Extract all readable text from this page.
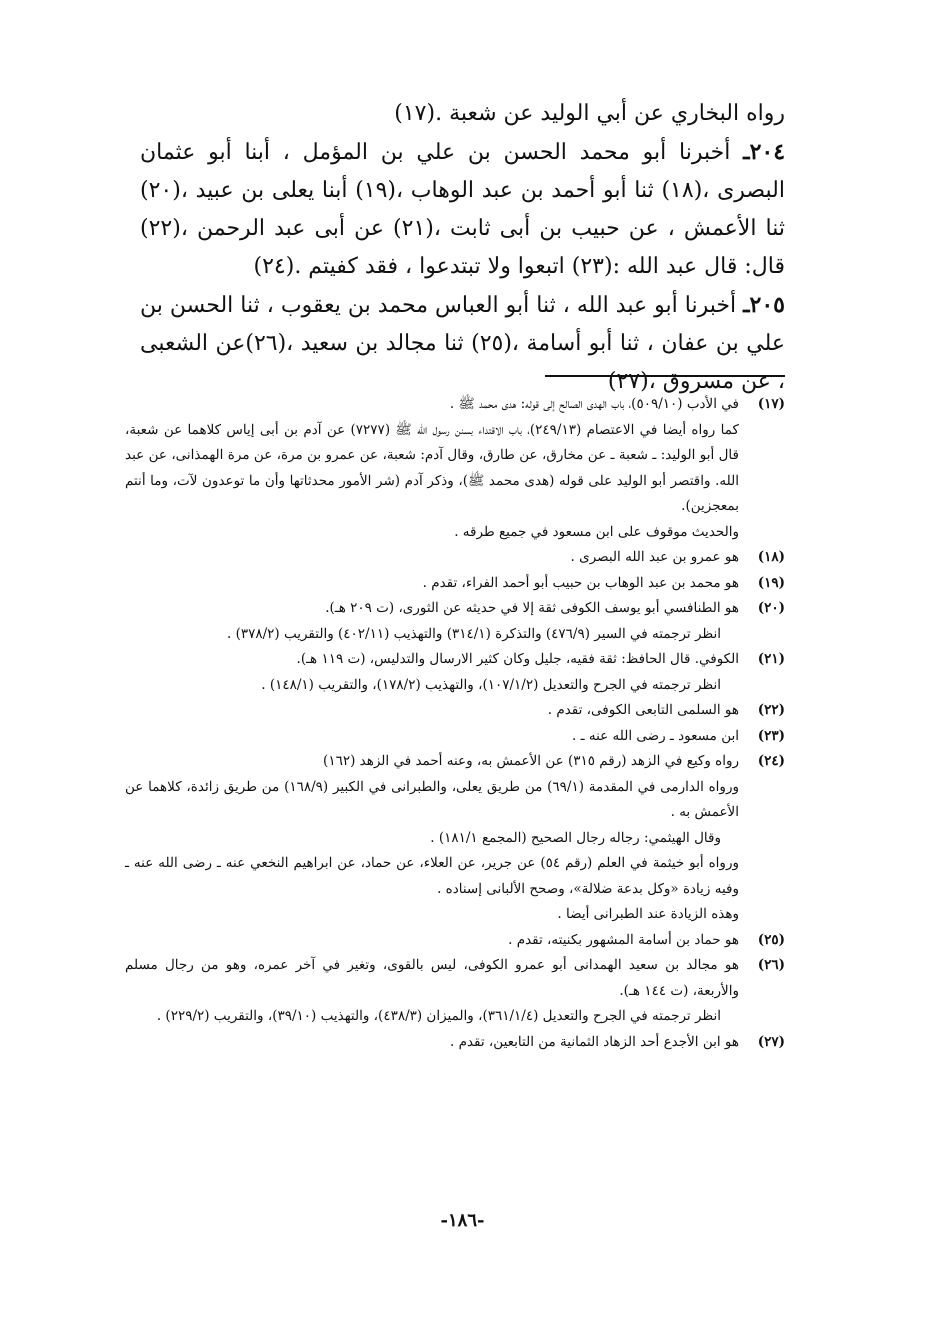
رواه البخاري عن أبي الوليد عن شعبة .(١٧)

٢٠٤ـ أخبرنا أبو محمد الحسن بن علي بن المؤمل ، أبنا أبو عثمان البصرى ،(١٨) ثنا أبو أحمد بن عبد الوهاب ،(١٩) أبنا يعلى بن عبيد ،(٢٠) ثنا الأعمش ، عن حبيب بن أبى ثابت ،(٢١) عن أبى عبد الرحمن ،(٢٢) قال: قال عبد الله :(٢٣) اتبعوا ولا تبتدعوا ، فقد كفيتم .(٢٤)

٢٠٥ـ أخبرنا أبو عبد الله ، ثنا أبو العباس محمد بن يعقوب ، ثنا الحسن بن علي بن عفان ، ثنا أبو أسامة ،(٢٥) ثنا مجالد بن سعيد ،(٢٦)عن الشعبى ، عن مسروق ،(٢٧)

(١٧)
في الأدب (٥٠٩/١٠)، باب الهدى الصالح إلى قوله: هدى محمد ﷺ .
كما رواه أيضا في الاعتصام (٢٤٩/١٣)، باب الاقتداء بسنن رسول الله ﷺ (٧٢٧٧) عن آدم بن أبى إياس كلاهما عن شعبة، قال أبو الوليد: ـ شعبة ـ عن مخارق، عن طارق، وقال آدم: شعبة، عن عمرو بن مرة، عن مرة الهمذانى، عن عبد الله. واقتصر أبو الوليد على قوله (هدى محمد ﷺ)، وذكر آدم (شر الأمور محدثاتها وأن ما توعدون لآت، وما أنتم بمعجزين).
والحديث موقوف على ابن مسعود في جميع طرقه .
(١٨)
هو عمرو بن عبد الله البصرى .
(١٩)
هو محمد بن عبد الوهاب بن حبيب أبو أحمد الفراء، تقدم .
(٢٠)
هو الطنافسي أبو يوسف الكوفى ثقة إلا في حديثه عن الثورى، (ت ٢٠٩ هـ).
انظر ترجمته في السير (٤٧٦/٩) والتذكرة (٣١٤/١) والتهذيب (٤٠٢/١١) والتقريب (٣٧٨/٢) .
(٢١)
الكوفي. قال الحافظ: ثقة فقيه، جليل وكان كثير الارسال والتدليس، (ت ١١٩ هـ).
انظر ترجمته في الجرح والتعديل (١٠٧/١/٢)، والتهذيب (١٧٨/٢)، والتقريب (١٤٨/١) .
(٢٢)
هو السلمى التابعى الكوفى، تقدم .
(٢٣)
ابن مسعود ـ رضى الله عنه ـ .
(٢٤)
رواه وكيع في الزهد (رقم ٣١٥) عن الأعمش به، وعنه أحمد في الزهد (١٦٢)
ورواه الدارمى في المقدمة (٦٩/١) من طريق يعلى، والطبرانى في الكبير (١٦٨/٩) من طريق زائدة، كلاهما عن الأعمش به .
وقال الهيثمي: رجاله رجال الصحيح (المجمع ١٨١/١) .
ورواه أبو خيثمة في العلم (رقم ٥٤) عن جرير، عن العلاء، عن حماد، عن ابراهيم النخعي عنه ـ رضى الله عنه ـ وفيه زيادة «وكل بدعة ضلالة»، وصحح الألبانى إسناده .
وهذه الزيادة عند الطبرانى أيضا .
(٢٥)
هو حماد بن أسامة المشهور بكنيته، تقدم .
(٢٦)
هو مجالد بن سعيد الهمدانى أبو عمرو الكوفى، ليس بالقوى، وتغير في آخر عمره، وهو من رجال مسلم والأربعة، (ت ١٤٤ هـ).
انظر ترجمته في الجرح والتعديل (٣٦١/١/٤)، والميزان (٤٣٨/٣)، والتهذيب (٣٩/١٠)، والتقريب (٢٢٩/٢) .
(٢٧)
هو ابن الأجدع أحد الزهاد الثمانية من التابعين، تقدم .
-١٨٦-
